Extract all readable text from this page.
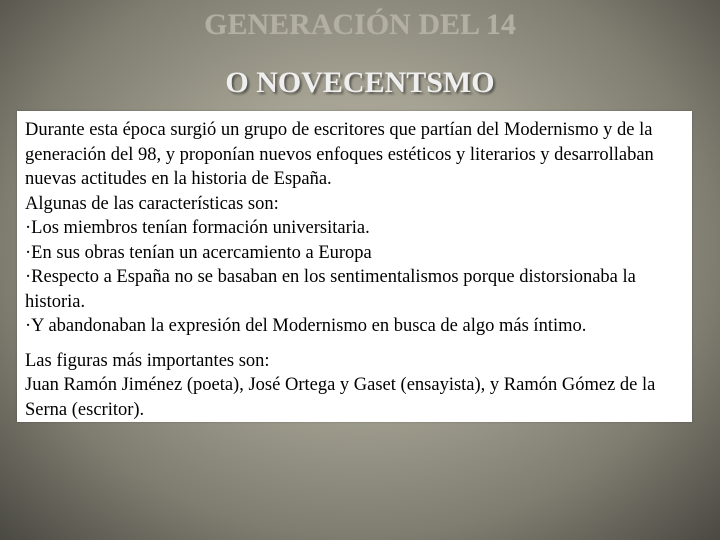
GENERACIÓN DEL 14
O NOVECENTSMO

Durante esta época surgió un grupo de escritores que partían del Modernismo y de la generación del 98, y proponían nuevos enfoques estéticos y literarios y desarrollaban nuevas actitudes en la historia de España.

Algunas de las características son:

·Los miembros tenían formación universitaria.

·En sus obras tenían un acercamiento a Europa

·Respecto a España no se basaban en los sentimentalismos porque distorsionaba la historia.

·Y abandonaban la expresión del Modernismo en busca de algo más íntimo.

Las figuras más importantes son:

Juan Ramón Jiménez (poeta), José Ortega y Gaset (ensayista), y Ramón Gómez de la Serna (escritor).
